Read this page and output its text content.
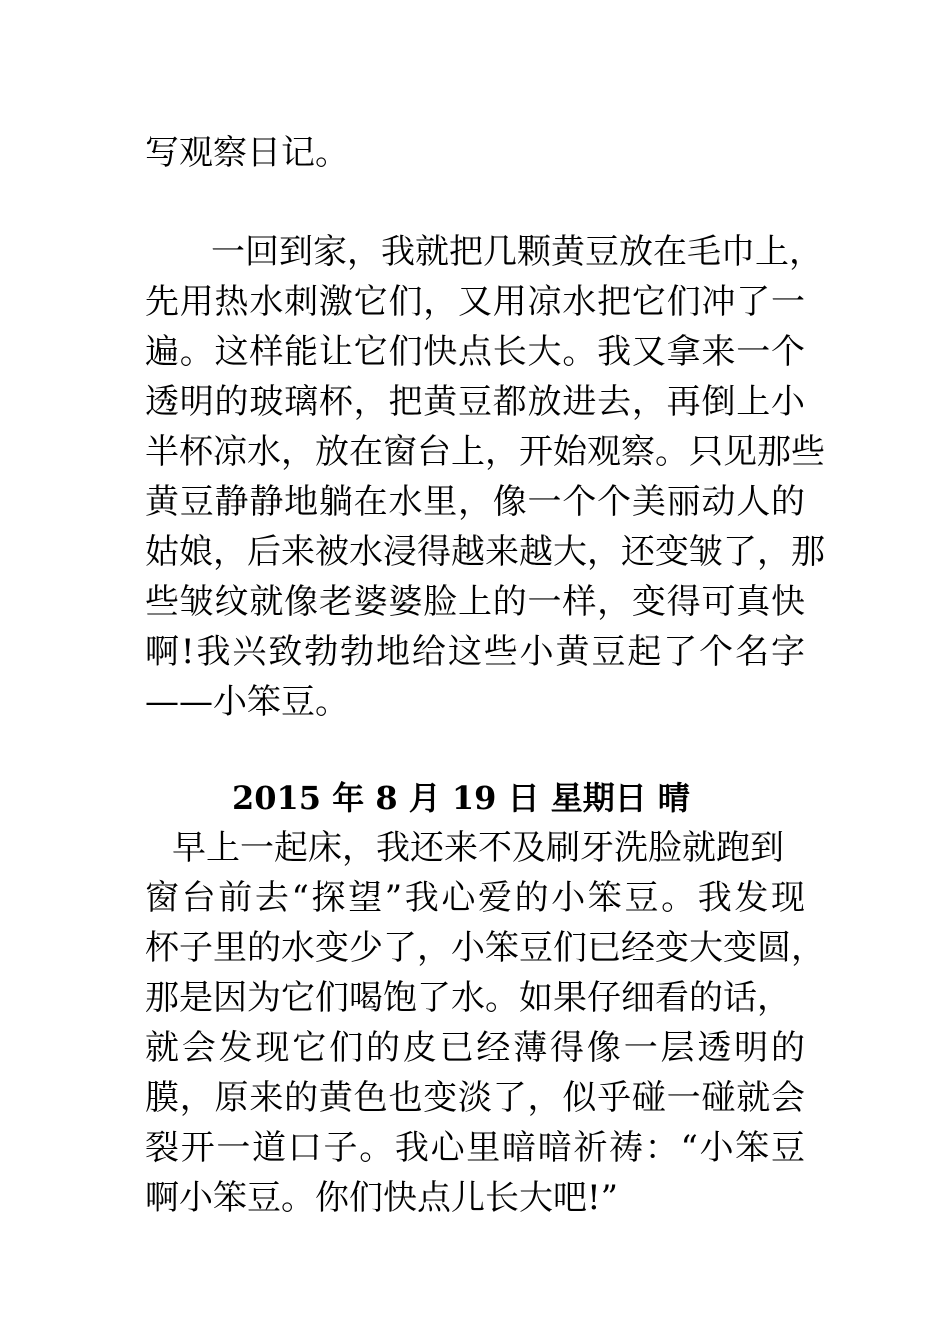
写观察日记。
一回到家，我就把几颗黄豆放在毛巾上，
先用热水刺激它们，又用凉水把它们冲了一
遍。这样能让它们快点长大。我又拿来一个
透明的玻璃杯，把黄豆都放进去，再倒上小
半杯凉水，放在窗台上，开始观察。只见那些
黄豆静静地躺在水里，像一个个美丽动人的
姑娘，后来被水浸得越来越大，还变皱了，那
些皱纹就像老婆婆脸上的一样，变得可真快
啊!我兴致勃勃地给这些小黄豆起了个名字
——小笨豆。
2015 年 8 月 19 日 星期日 晴
早上一起床，我还来不及刷牙洗脸就跑到
窗台前去“探望”我心爱的小笨豆。我发现
杯子里的水变少了，小笨豆们已经变大变圆，
那是因为它们喝饱了水。如果仔细看的话，
就会发现它们的皮已经薄得像一层透明的
膜，原来的黄色也变淡了，似乎碰一碰就会
裂开一道口子。我心里暗暗祈祷：“小笨豆
啊小笨豆。你们快点儿长大吧!”
